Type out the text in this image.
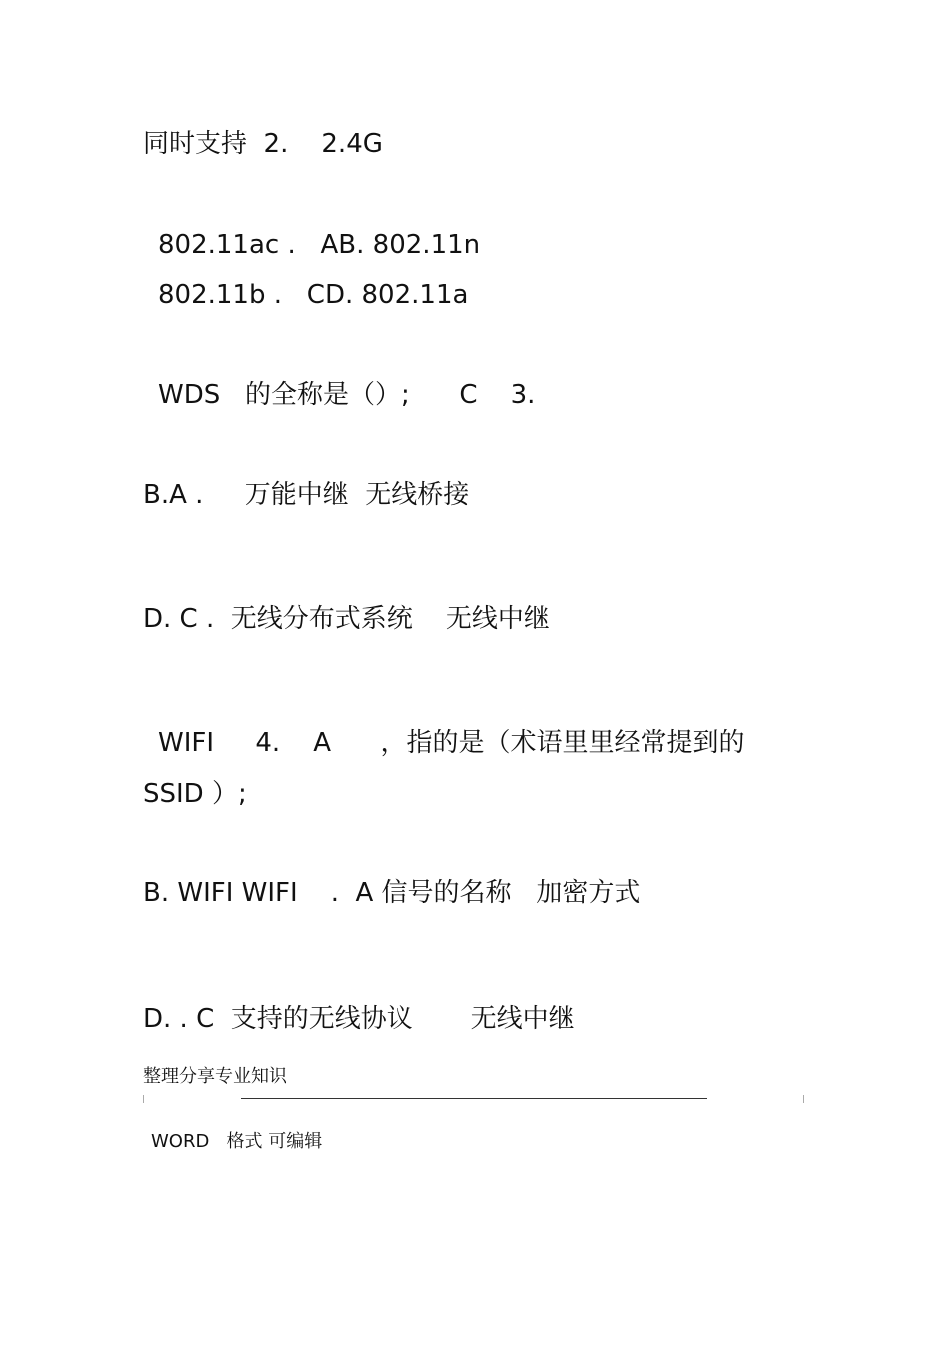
同时支持  2.    2.4G
802.11ac .   AB. 802.11n
802.11b .   CD. 802.11a
WDS   的全称是（）;      C    3.
B.A .     万能中继  无线桥接
D. C .  无线分布式系统    无线中继
WIFI     4.    A      ，指的是（术语里里经常提到的
SSID ）;
B. WIFI WIFI    .  A 信号的名称   加密方式
D. . C  支持的无线协议       无线中继
整理分享专业知识
WORD   格式 可编辑
